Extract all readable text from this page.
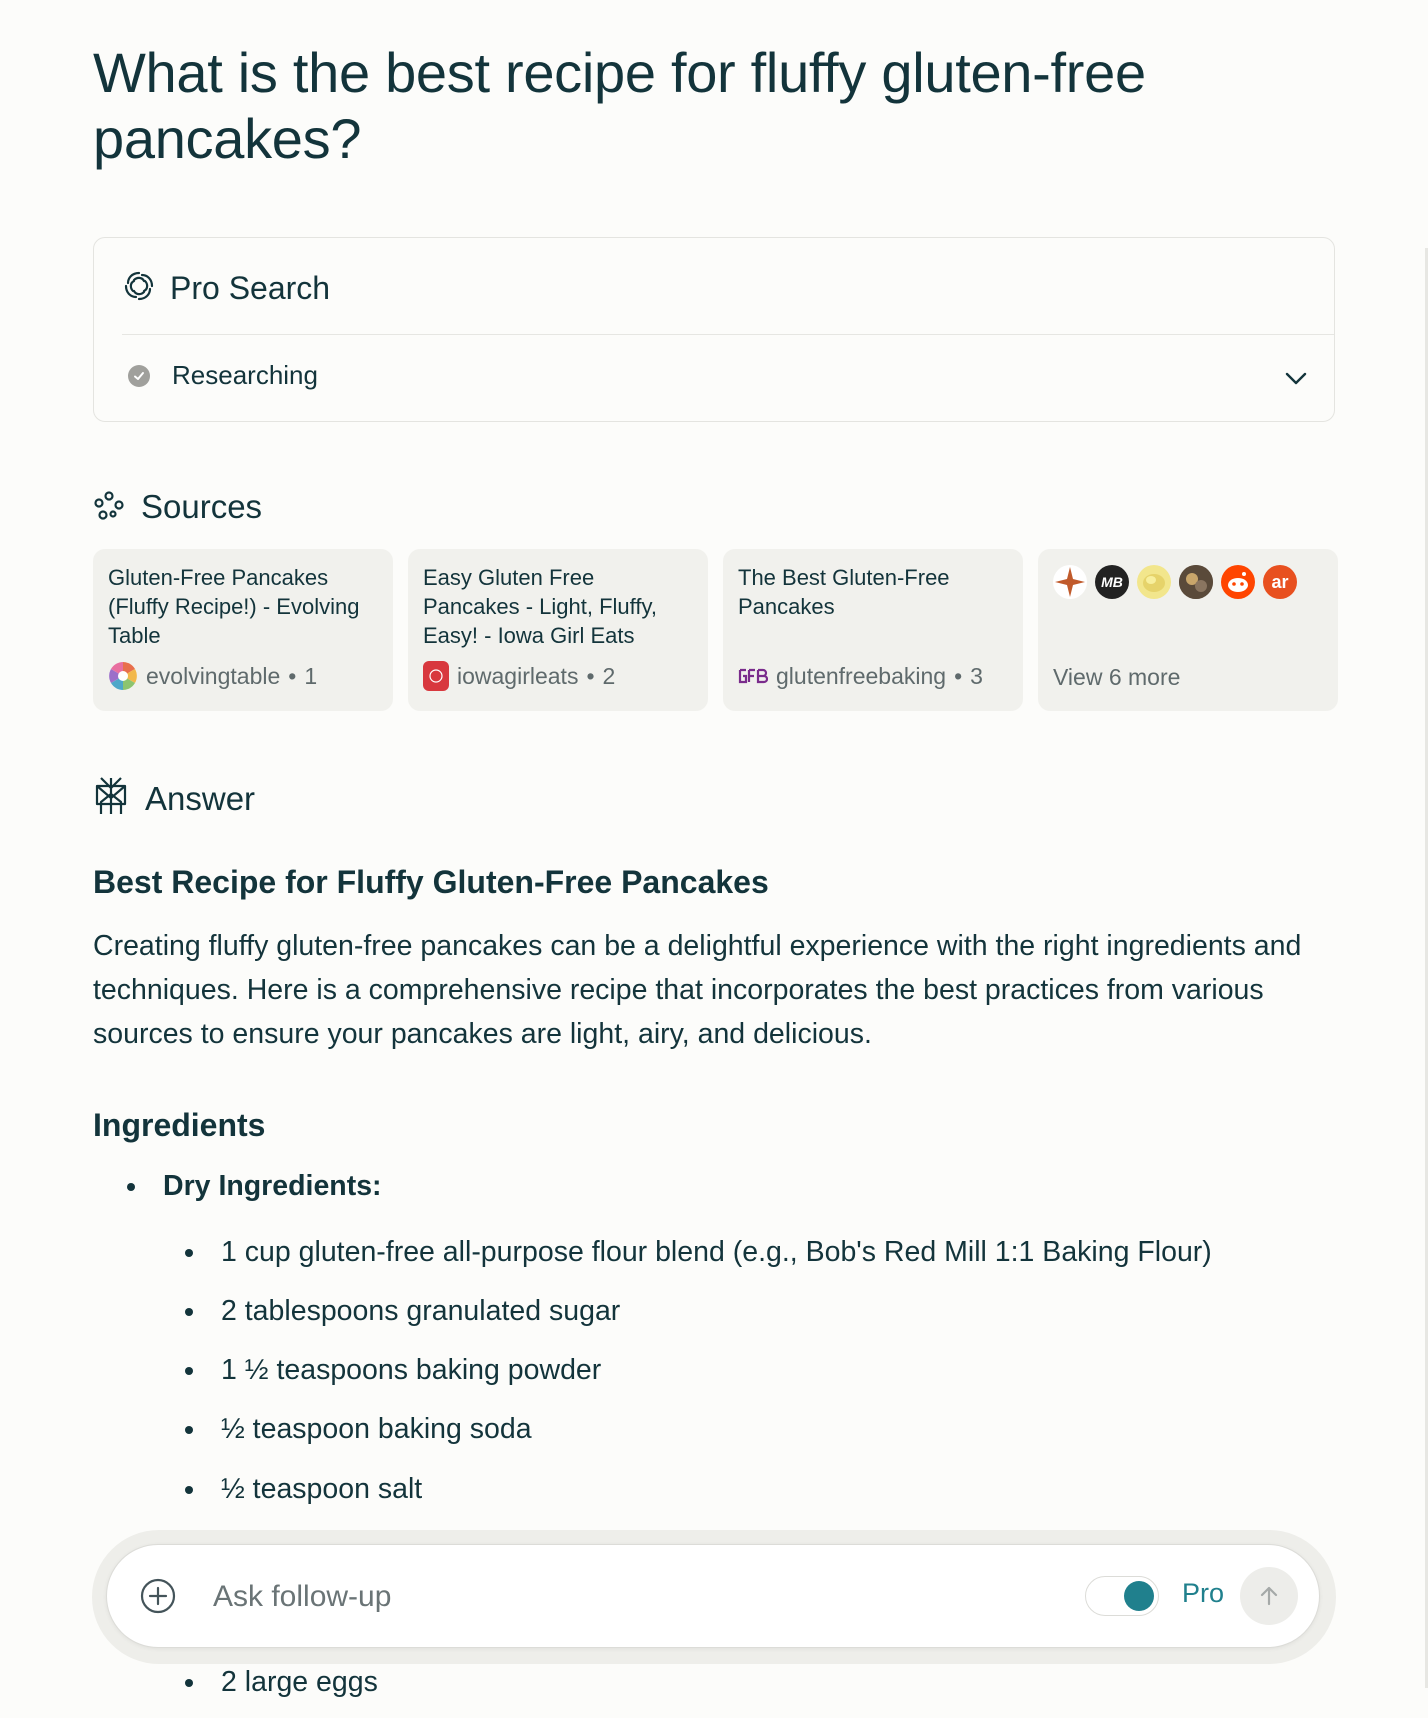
What is the best recipe for fluffy gluten-free pancakes?
Pro Search
Researching
Sources
Gluten-Free Pancakes (Fluffy Recipe!) - Evolving Table
evolvingtable • 1
Easy Gluten Free Pancakes - Light, Fluffy, Easy! - Iowa Girl Eats
iowagirleats • 2
The Best Gluten-Free Pancakes
glutenfreebaking • 3
MB	ar
View 6 more
Answer
Best Recipe for Fluffy Gluten-Free Pancakes

Creating fluffy gluten-free pancakes can be a delightful experience with the right ingredients and techniques. Here is a comprehensive recipe that incorporates the best practices from various sources to ensure your pancakes are light, airy, and delicious.

Ingredients
Dry Ingredients:
1 cup gluten-free all-purpose flour blend (e.g., Bob's Red Mill 1:1 Baking Flour)
2 tablespoons granulated sugar
1 ½ teaspoons baking powder
½ teaspoon baking soda
½ teaspoon salt
2 large eggs
Ask follow-up
Pro
